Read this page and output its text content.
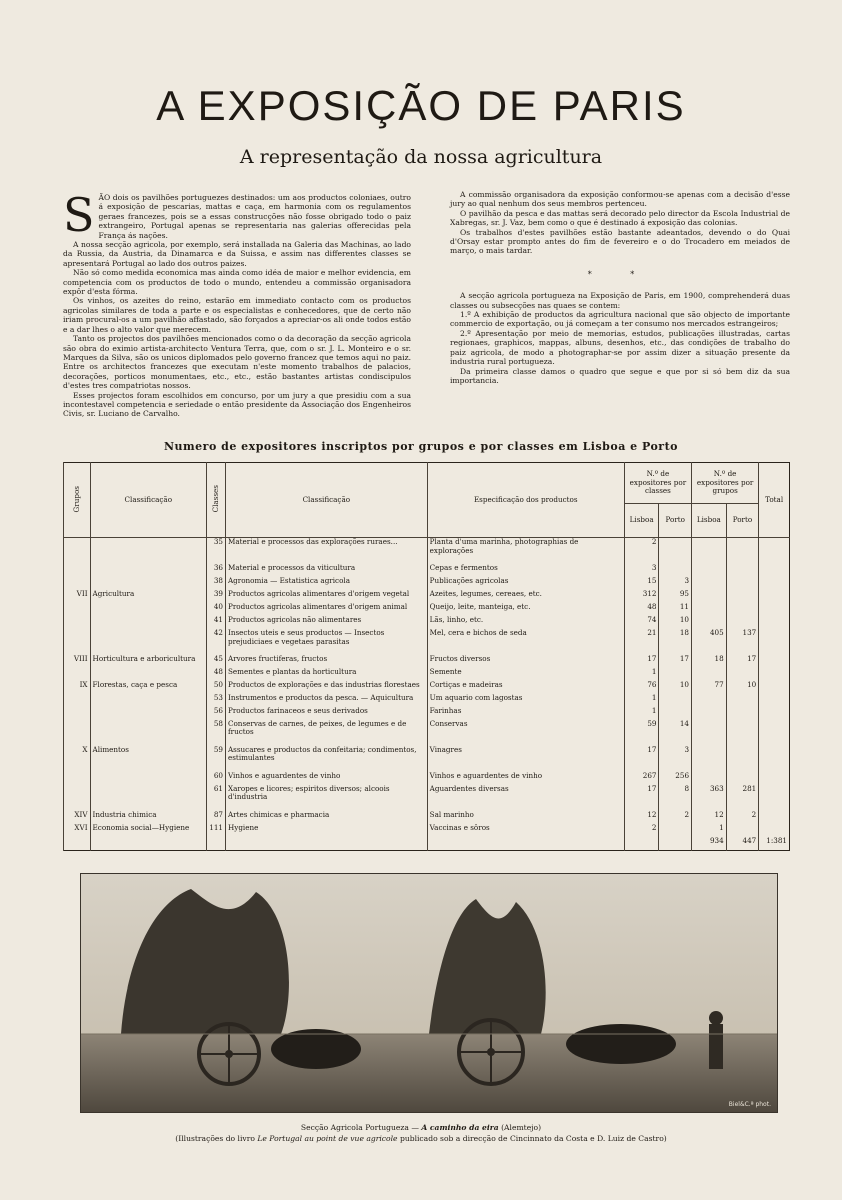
A EXPOSIÇÃO DE PARIS
A representação da nossa agricultura

SÃO dois os pavilhões portuguezes destinados: um aos productos coloniaes, outro á exposição de pescarias, mattas e caça, em harmonia com os regulamentos geraes francezes, pois se a essas construcções não fosse obrigado todo o paiz extrangeiro, Portugal apenas se representaria nas galerias offerecidas pela França ás nações.

A nossa secção agricola, por exemplo, será installada na Galeria das Machinas, ao lado da Russia, da Austria, da Dinamarca e da Suissa, e assim nas differentes classes se apresentará Portugal ao lado dos outros paizes.

Não só como medida economica mas ainda como idéa de maior e melhor evidencia, em competencia com os productos de todo o mundo, entendeu a commissão organisadora expôr d'esta fórma.

Os vinhos, os azeites do reino, estarão em immediato contacto com os productos agricolas similares de toda a parte e os especialistas e conhecedores, que de certo não iriam procural-os a um pavilhão affastado, são forçados a apreciar-os ali onde todos estão e a dar lhes o alto valor que merecem.

Tanto os projectos dos pavilhões mencionados como o da decoração da secção agricola são obra do eximio artista-architecto Ventura Terra, que, com o sr. J. L. Monteiro e o sr. Marques da Silva, são os unicos diplomados pelo governo francez que temos aqui no paiz. Entre os architectos francezes que executam n'este momento trabalhos de palacios, decorações, porticos monumentaes, etc., etc., estão bastantes artistas condiscipulos d'estes tres compatriotas nossos.

Esses projectos foram escolhidos em concurso, por um jury a que presidiu com a sua incontestavel competencia e seriedade o então presidente da Associação dos Engenheiros Civis, sr. Luciano de Carvalho.

A commissão organisadora da exposição conformou-se apenas com a decisão d'esse jury ao qual nenhum dos seus membros pertenceu.

O pavilhão da pesca e das mattas será decorado pelo director da Escola Industrial de Xabregas, sr. J. Vaz, bem como o que é destinado á exposição das colonias.

Os trabalhos d'estes pavilhões estão bastante adeantados, devendo o do Quai d'Orsay estar prompto antes do fim de fevereiro e o do Trocadero em meiados de março, o mais tardar.

* *

A secção agricola portugueza na Exposição de Paris, em 1900, comprehenderá duas classes ou subsecções nas quaes se contem:

1.º A exhibição de productos da agricultura nacional que são objecto de importante commercio de exportação, ou já começam a ter consumo nos mercados estrangeiros;

2.º Apresentação por meio de memorias, estudos, publicações illustradas, cartas regionaes, graphicos, mappas, albuns, desenhos, etc., das condições de trabalho do paiz agricola, de modo a photographar-se por assim dizer a situação presente da industria rural portugueza.

Da primeira classe damos o quadro que segue e que por si só bem diz da sua importancia.

Numero de expositores inscriptos por grupos e por classes em Lisboa e Porto
Grupos	Classificação	Classes	Classificação	Especificação dos productos	N.º de expositores por classes		N.º de expositores por grupos		Total
					Lisboa	Porto	Lisboa	Porto	
		35	Material e processos das explorações ruraes...	Planta d'uma marinha, photographias de explorações	2				
		36	Material e processos da viticultura	Cepas e fermentos	3				
		38	Agronomia — Estatistica agricola	Publicações agricolas	15	3			
VII	Agricultura	39	Productos agricolas alimentares d'origem vegetal	Azeites, legumes, cereaes, etc.	312	95			
		40	Productos agricolas alimentares d'origem animal	Queijo, leite, manteiga, etc.	48	11			
		41	Productos agricolas não alimentares	Lãs, linho, etc.	74	10			
		42	Insectos uteis e seus productos — Insectos prejudiciaes e vegetaes parasitas	Mel, cera e bichos de seda	21	18	405	137	
VIII	Horticultura e arboricultura	45	Arvores fructiferas, fructos	Fructos diversos	17	17	18	17	
		48	Sementes e plantas da horticultura	Semente	1				
IX	Florestas, caça e pesca	50	Productos de explorações e das industrias florestaes	Cortiças e madeiras	76	10	77	10	
		53	Instrumentos e productos da pesca. — Aquicultura	Um aquario com lagostas	1				
		56	Productos farinaceos e seus derivados	Farinhas	1				
		58	Conservas de carnes, de peixes, de legumes e de fructos	Conservas	59	14			
X	Alimentos	59	Assucares e productos da confeitaria; condimentos, estimulantes	Vinagres	17	3			
		60	Vinhos e aguardentes de vinho	Vinhos e aguardentes de vinho	267	256			
		61	Xaropes e licores; espiritos diversos; alcoois d'industria	Aguardentes diversas	17	8	363	281	
XIV	Industria chimica	87	Artes chimicas e pharmacia	Sal marinho	12	2	12	2	
XVI	Economia social—Hygiene	111	Hygiene	Vaccinas e sôros	2		1		
							934	447	1:381
Biel&C.ª phot.
Secção Agricola Portugueza — A caminho da eira (Alemtejo)
(Illustrações do livro Le Portugal au point de vue agricole publicado sob a direcção de Cincinnato da Costa e D. Luiz de Castro)
